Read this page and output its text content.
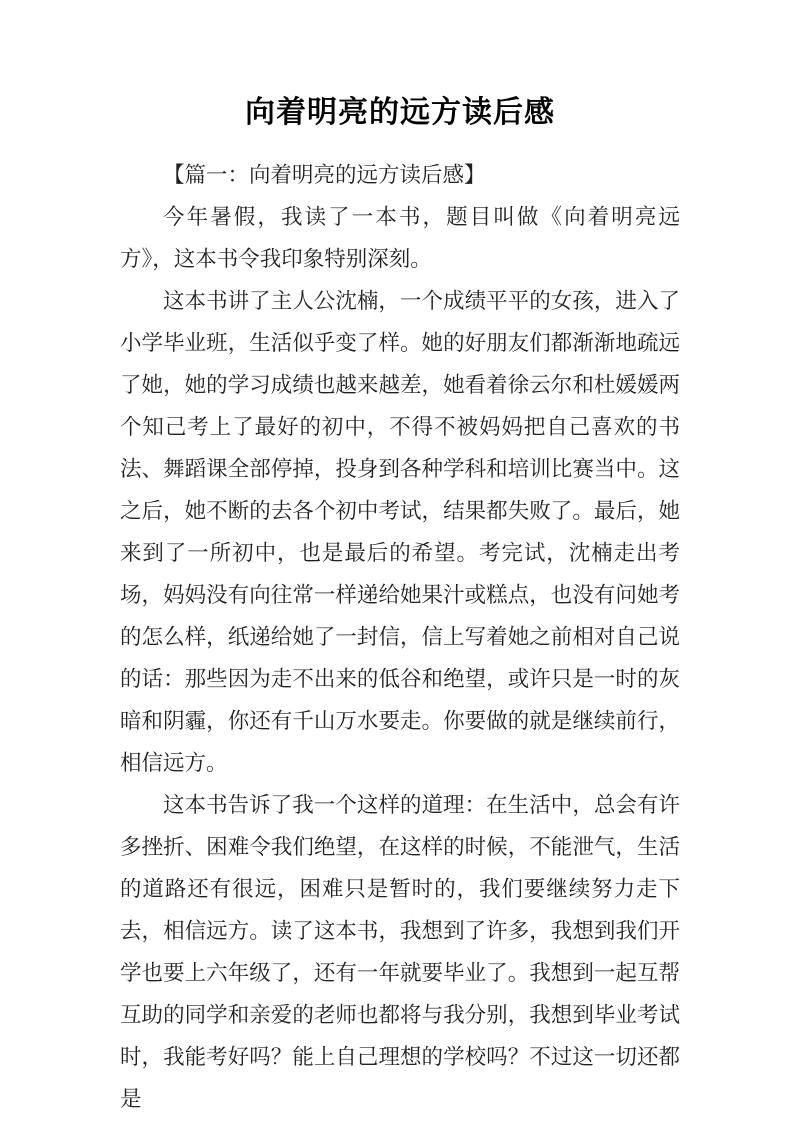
向着明亮的远方读后感

【篇一：向着明亮的远方读后感】

今年暑假，我读了一本书，题目叫做《向着明亮远方》，这本书令我印象特别深刻。

这本书讲了主人公沈楠，一个成绩平平的女孩，进入了小学毕业班，生活似乎变了样。她的好朋友们都渐渐地疏远了她，她的学习成绩也越来越差，她看着徐云尔和杜媛媛两个知己考上了最好的初中，不得不被妈妈把自己喜欢的书法、舞蹈课全部停掉，投身到各种学科和培训比赛当中。这之后，她不断的去各个初中考试，结果都失败了。最后，她来到了一所初中，也是最后的希望。考完试，沈楠走出考场，妈妈没有向往常一样递给她果汁或糕点，也没有问她考的怎么样，纸递给她了一封信，信上写着她之前相对自己说的话：那些因为走不出来的低谷和绝望，或许只是一时的灰暗和阴霾，你还有千山万水要走。你要做的就是继续前行，相信远方。

这本书告诉了我一个这样的道理：在生活中，总会有许多挫折、困难令我们绝望，在这样的时候，不能泄气，生活的道路还有很远，困难只是暂时的，我们要继续努力走下去，相信远方。读了这本书，我想到了许多，我想到我们开学也要上六年级了，还有一年就要毕业了。我想到一起互帮互助的同学和亲爱的老师也都将与我分别，我想到毕业考试时，我能考好吗？能上自己理想的学校吗？不过这一切还都是
